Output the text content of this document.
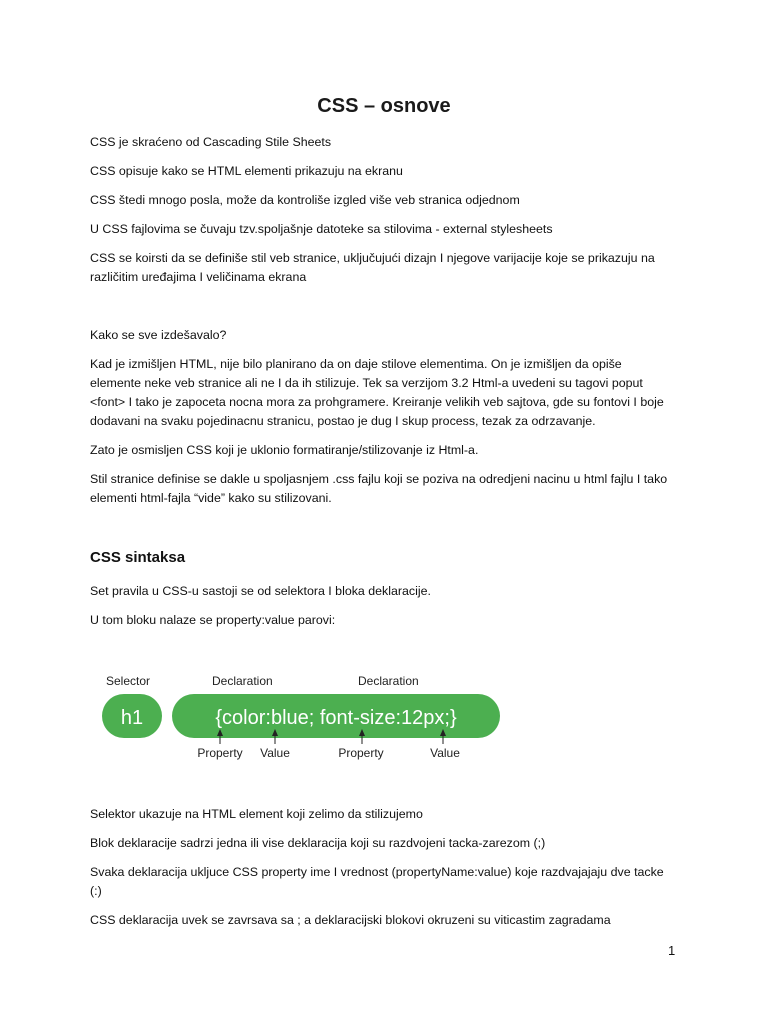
CSS – osnove
CSS je skraćeno od Cascading Stile Sheets
CSS opisuje kako se HTML elementi prikazuju na ekranu
CSS štedi mnogo posla, može da kontroliše izgled više veb stranica odjednom
U CSS fajlovima se čuvaju tzv.spoljašnje datoteke sa stilovima - external stylesheets
CSS se koirsti da se definiše stil veb stranice, uključujući dizajn I njegove varijacije koje se prikazuju na
različitim uređajima I veličinama ekrana
Kako se sve izdešavalo?
Kad je izmišljen HTML, nije bilo planirano da on daje stilove elementima. On je izmišljen da opiše
elemente neke veb stranice ali ne I da ih stilizuje. Tek sa verzijom 3.2 Html-a uvedeni su tagovi poput
<font> I tako je zapoceta nocna mora za prohgramere. Kreiranje velikih veb sajtova, gde su fontovi I boje
dodavani na svaku pojedinacnu stranicu, postao je dug I skup process, tezak za odrzavanje.
Zato je osmisljen CSS koji je uklonio formatiranje/stilizovanje iz Html-a.
Stil stranice definise se dakle u spoljasnjem .css fajlu koji se poziva na odredjeni nacinu u html fajlu I tako
elementi html-fajla “vide” kako su stilizovani.
CSS sintaksa
Set pravila u CSS-u sastoji se od selektora I bloka deklaracije.
U tom bloku nalaze se property:value parovi:
Selector	Declaration	Declaration
h1	{color:blue; font-size:12px;}
Property Value	Property	Value
Selektor ukazuje na HTML element koji zelimo da stilizujemo
Blok deklaracije sadrzi jedna ili vise deklaracija koji su razdvojeni tacka-zarezom (;)
Svaka deklaracija ukljuce CSS property ime I vrednost (propertyName:value) koje razdvajajaju dve tacke
(:)
CSS deklaracija uvek se zavrsava sa ; a deklaracijski blokovi okruzeni su viticastim zagradama
1
